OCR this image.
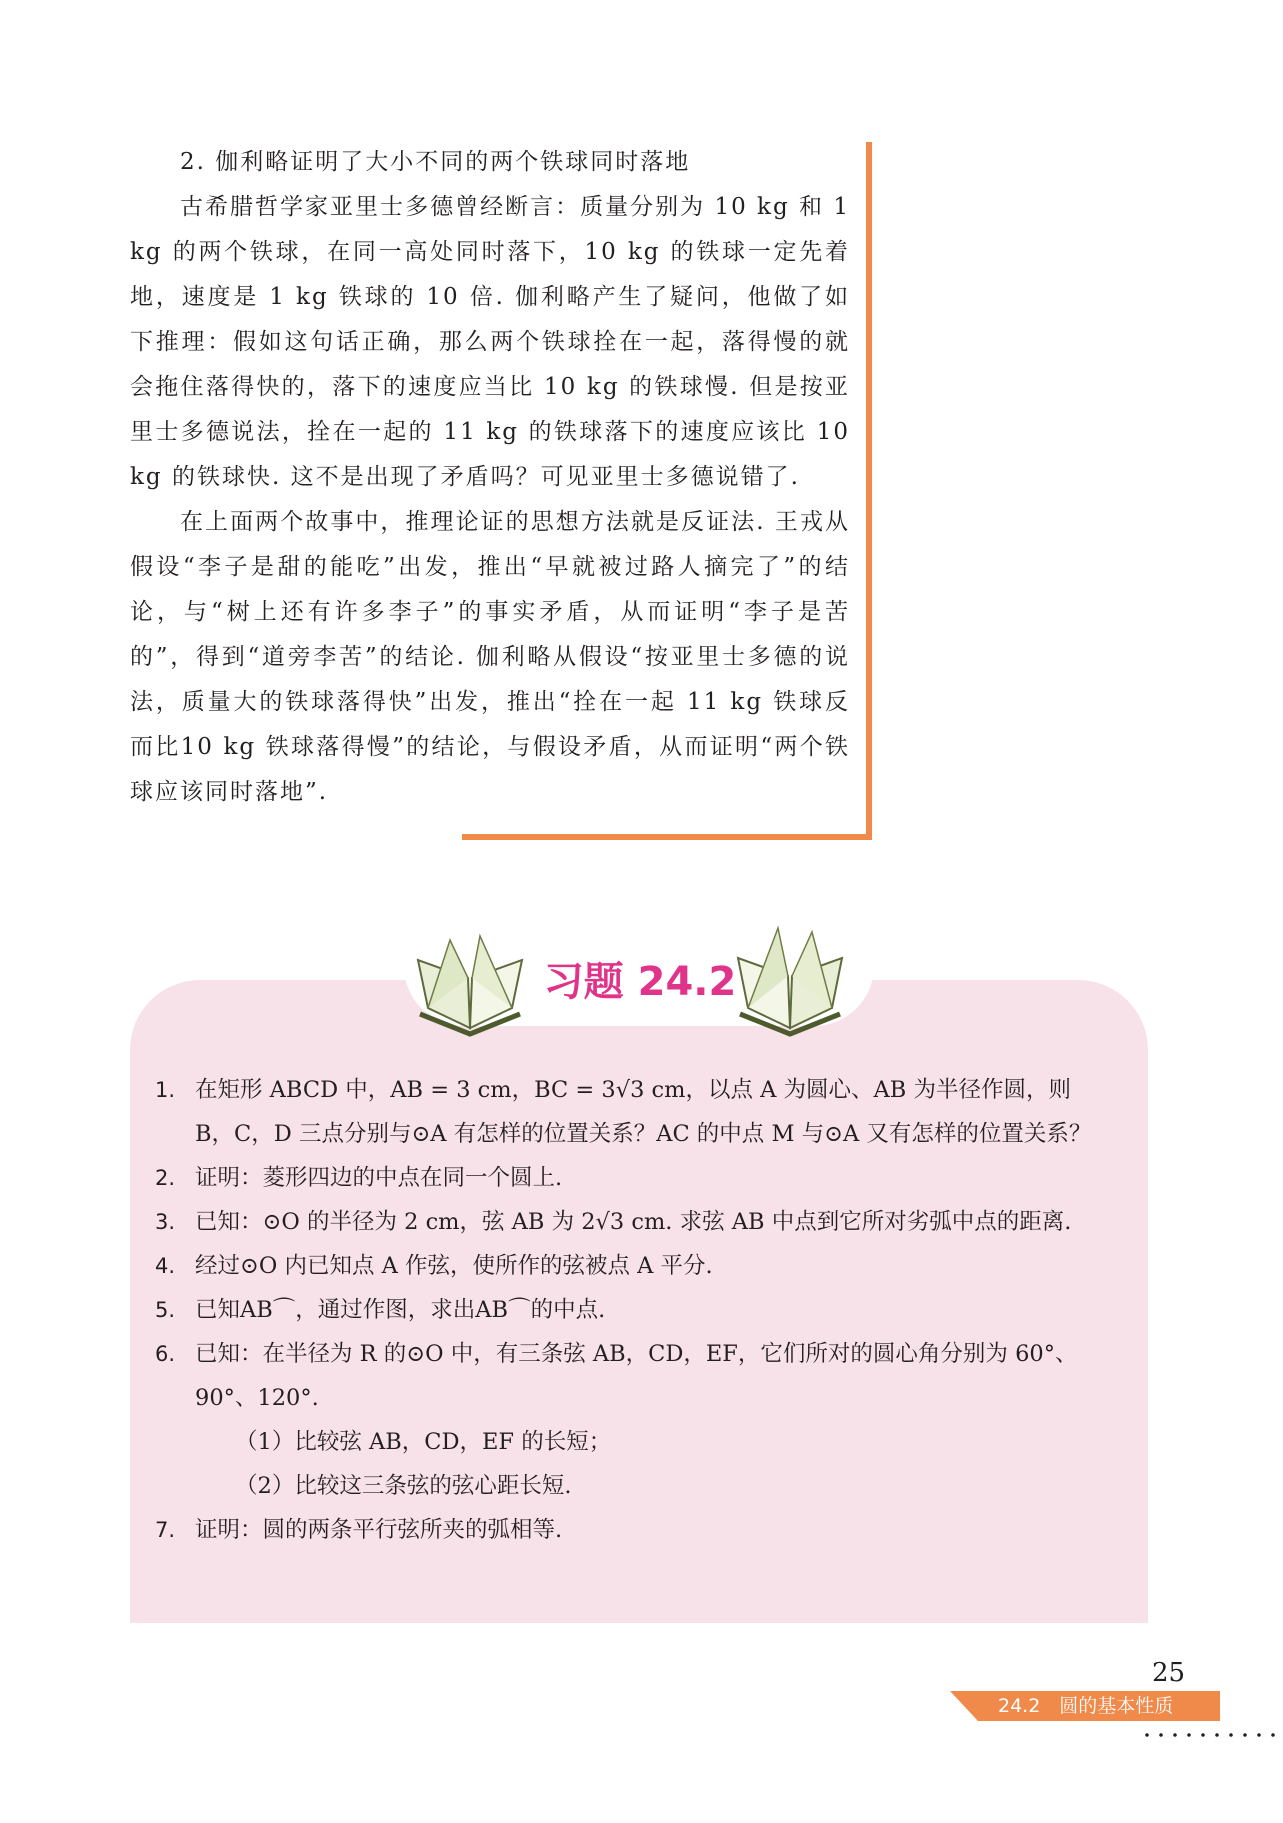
2. 伽利略证明了大小不同的两个铁球同时落地

古希腊哲学家亚里士多德曾经断言：质量分别为 10 kg 和 1 kg 的两个铁球，在同一高处同时落下，10 kg 的铁球一定先着地，速度是 1 kg 铁球的 10 倍. 伽利略产生了疑问，他做了如下推理：假如这句话正确，那么两个铁球拴在一起，落得慢的就会拖住落得快的，落下的速度应当比 10 kg 的铁球慢. 但是按亚里士多德说法，拴在一起的 11 kg 的铁球落下的速度应该比 10 kg 的铁球快. 这不是出现了矛盾吗？可见亚里士多德说错了.

在上面两个故事中，推理论证的思想方法就是反证法. 王戎从假设“李子是甜的能吃”出发，推出“早就被过路人摘完了”的结论，与“树上还有许多李子”的事实矛盾，从而证明“李子是苦的”，得到“道旁李苦”的结论. 伽利略从假设“按亚里士多德的说法，质量大的铁球落得快”出发，推出“拴在一起 11 kg 铁球反而比10 kg 铁球落得慢”的结论，与假设矛盾，从而证明“两个铁球应该同时落地”.

习题 24.2
1. 在矩形 ABCD 中，AB = 3 cm，BC = 3√3 cm，以点 A 为圆心、AB 为半径作圆，则 B，C，D 三点分别与⊙A 有怎样的位置关系？AC 的中点 M 与⊙A 又有怎样的位置关系？
2. 证明：菱形四边的中点在同一个圆上.
3. 已知：⊙O 的半径为 2 cm，弦 AB 为 2√3 cm. 求弦 AB 中点到它所对劣弧中点的距离.
4. 经过⊙O 内已知点 A 作弦，使所作的弦被点 A 平分.
5. 已知AB⌒，通过作图，求出AB⌒的中点.
6. 已知：在半径为 R 的⊙O 中，有三条弦 AB，CD，EF，它们所对的圆心角分别为 60°、90°、120°.
（1）比较弦 AB，CD，EF 的长短；
（2）比较这三条弦的弦心距长短.
7. 证明：圆的两条平行弦所夹的弧相等.
25
24.2　圆的基本性质
